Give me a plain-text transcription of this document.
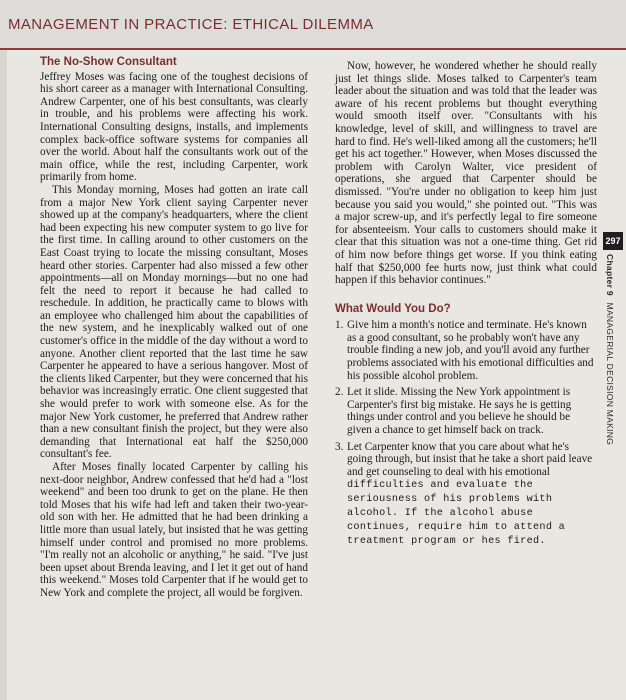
MANAGEMENT IN PRACTICE: ETHICAL DILEMMA
The No-Show Consultant

Jeffrey Moses was facing one of the toughest decisions of his short career as a manager with International Consulting. Andrew Carpenter, one of his best consultants, was clearly in trouble, and his problems were affecting his work. International Consulting designs, installs, and implements complex back-office software systems for companies all over the world. About half the consultants work out of the main office, while the rest, including Carpenter, work primarily from home.

This Monday morning, Moses had gotten an irate call from a major New York client saying Carpenter never showed up at the company's headquarters, where the client had been expecting his new computer system to go live for the first time. In calling around to other customers on the East Coast trying to locate the missing consultant, Moses heard other stories. Carpenter had also missed a few other appointments—all on Monday mornings—but no one had felt the need to report it because he had called to reschedule. In addition, he practically came to blows with an employee who challenged him about the capabilities of the new system, and he inexplicably walked out of one customer's office in the middle of the day without a word to anyone. Another client reported that the last time he saw Carpenter he appeared to have a serious hangover. Most of the clients liked Carpenter, but they were concerned that his behavior was increasingly erratic. One client suggested that she would prefer to work with someone else. As for the major New York customer, he preferred that Andrew rather than a new consultant finish the project, but they were also demanding that International eat half the $250,000 consultant's fee.

After Moses finally located Carpenter by calling his next-door neighbor, Andrew confessed that he'd had a "lost weekend" and been too drunk to get on the plane. He then told Moses that his wife had left and taken their two-year-old son with her. He admitted that he had been drinking a little more than usual lately, but insisted that he was getting himself under control and promised no more problems. "I'm really not an alcoholic or anything," he said. "I've just been upset about Brenda leaving, and I let it get out of hand this weekend." Moses told Carpenter that if he would get to New York and complete the project, all would be forgiven.

Now, however, he wondered whether he should really just let things slide. Moses talked to Carpenter's team leader about the situation and was told that the leader was aware of his recent problems but thought everything would smooth itself over. "Consultants with his knowledge, level of skill, and willingness to travel are hard to find. He's well-liked among all the customers; he'll get his act together." However, when Moses discussed the problem with Carolyn Walter, vice president of operations, she argued that Carpenter should be dismissed. "You're under no obligation to keep him just because you said you would," she pointed out. "This was a major screw-up, and it's perfectly legal to fire someone for absenteeism. Your calls to customers should make it clear that this situation was not a one-time thing. Get rid of him now before things get worse. If you think eating half that $250,000 fee hurts now, just think what could happen if this behavior continues."

What Would You Do?
1. Give him a month's notice and terminate. He's known as a good consultant, so he probably won't have any trouble finding a new job, and you'll avoid any further problems associated with his emotional difficulties and his possible alcohol problem.
2. Let it slide. Missing the New York appointment is Carpenter's first big mistake. He says he is getting things under control and you believe he should be given a chance to get himself back on track.
3. Let Carpenter know that you care about what he's going through, but insist that he take a short paid leave and get counseling to deal with his emotional difficulties and evaluate the seriousness of his problems with alcohol. If the alcohol abuse continues, require him to attend a treatment program or hes fired.
297
Chapter 9 MANAGERIAL DECISION MAKING
